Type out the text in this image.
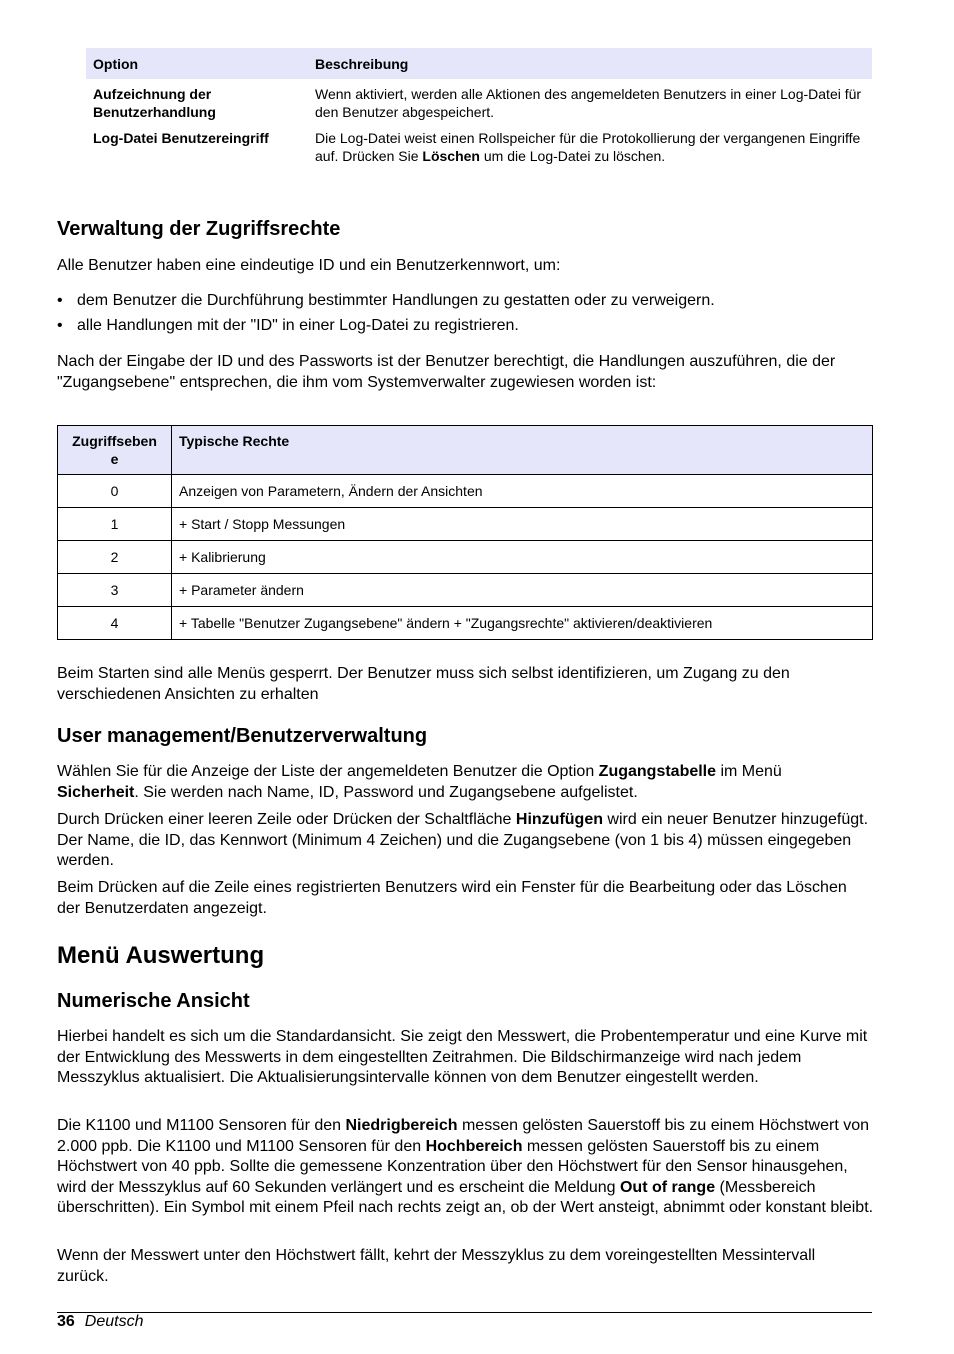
Option	Beschreibung
Aufzeichnung der Benutzerhandlung	Wenn aktiviert, werden alle Aktionen des angemeldeten Benutzers in einer Log-Datei für den Benutzer abgespeichert.
Log-Datei Benutzereingriff	Die Log-Datei weist einen Rollspeicher für die Protokollierung der vergangenen Eingriffe auf. Drücken Sie Löschen um die Log-Datei zu löschen.
Verwaltung der Zugriffsrechte
Alle Benutzer haben eine eindeutige ID und ein Benutzerkennwort, um:
• dem Benutzer die Durchführung bestimmter Handlungen zu gestatten oder zu verweigern.
• alle Handlungen mit der "ID" in einer Log-Datei zu registrieren.
Nach der Eingabe der ID und des Passworts ist der Benutzer berechtigt, die Handlungen auszuführen, die der "Zugangsebene" entsprechen, die ihm vom Systemverwalter zugewiesen worden ist:
Zugriffseben
e	Typische Rechte
0	Anzeigen von Parametern, Ändern der Ansichten
1	+ Start / Stopp Messungen
2	+ Kalibrierung
3	+ Parameter ändern
4	+ Tabelle "Benutzer Zugangsebene" ändern + "Zugangsrechte" aktivieren/deaktivieren
Beim Starten sind alle Menüs gesperrt. Der Benutzer muss sich selbst identifizieren, um Zugang zu den verschiedenen Ansichten zu erhalten
User management/Benutzerverwaltung
Wählen Sie für die Anzeige der Liste der angemeldeten Benutzer die Option Zugangstabelle im Menü Sicherheit. Sie werden nach Name, ID, Password und Zugangsebene aufgelistet.
Durch Drücken einer leeren Zeile oder Drücken der Schaltfläche Hinzufügen wird ein neuer Benutzer hinzugefügt. Der Name, die ID, das Kennwort (Minimum 4 Zeichen) und die Zugangsebene (von 1 bis 4) müssen eingegeben werden.
Beim Drücken auf die Zeile eines registrierten Benutzers wird ein Fenster für die Bearbeitung oder das Löschen der Benutzerdaten angezeigt.
Menü Auswertung
Numerische Ansicht
Hierbei handelt es sich um die Standardansicht. Sie zeigt den Messwert, die Probentemperatur und eine Kurve mit der Entwicklung des Messwerts in dem eingestellten Zeitrahmen. Die Bildschirmanzeige wird nach jedem Messzyklus aktualisiert. Die Aktualisierungsintervalle können von dem Benutzer eingestellt werden.
Die K1100 und M1100 Sensoren für den Niedrigbereich messen gelösten Sauerstoff bis zu einem Höchstwert von 2.000 ppb. Die K1100 und M1100 Sensoren für den Hochbereich messen gelösten Sauerstoff bis zu einem Höchstwert von 40 ppb. Sollte die gemessene Konzentration über den Höchstwert für den Sensor hinausgehen, wird der Messzyklus auf 60 Sekunden verlängert und es erscheint die Meldung Out of range (Messbereich überschritten). Ein Symbol mit einem Pfeil nach rechts zeigt an, ob der Wert ansteigt, abnimmt oder konstant bleibt.
Wenn der Messwert unter den Höchstwert fällt, kehrt der Messzyklus zu dem voreingestellten Messintervall zurück.
36 Deutsch
